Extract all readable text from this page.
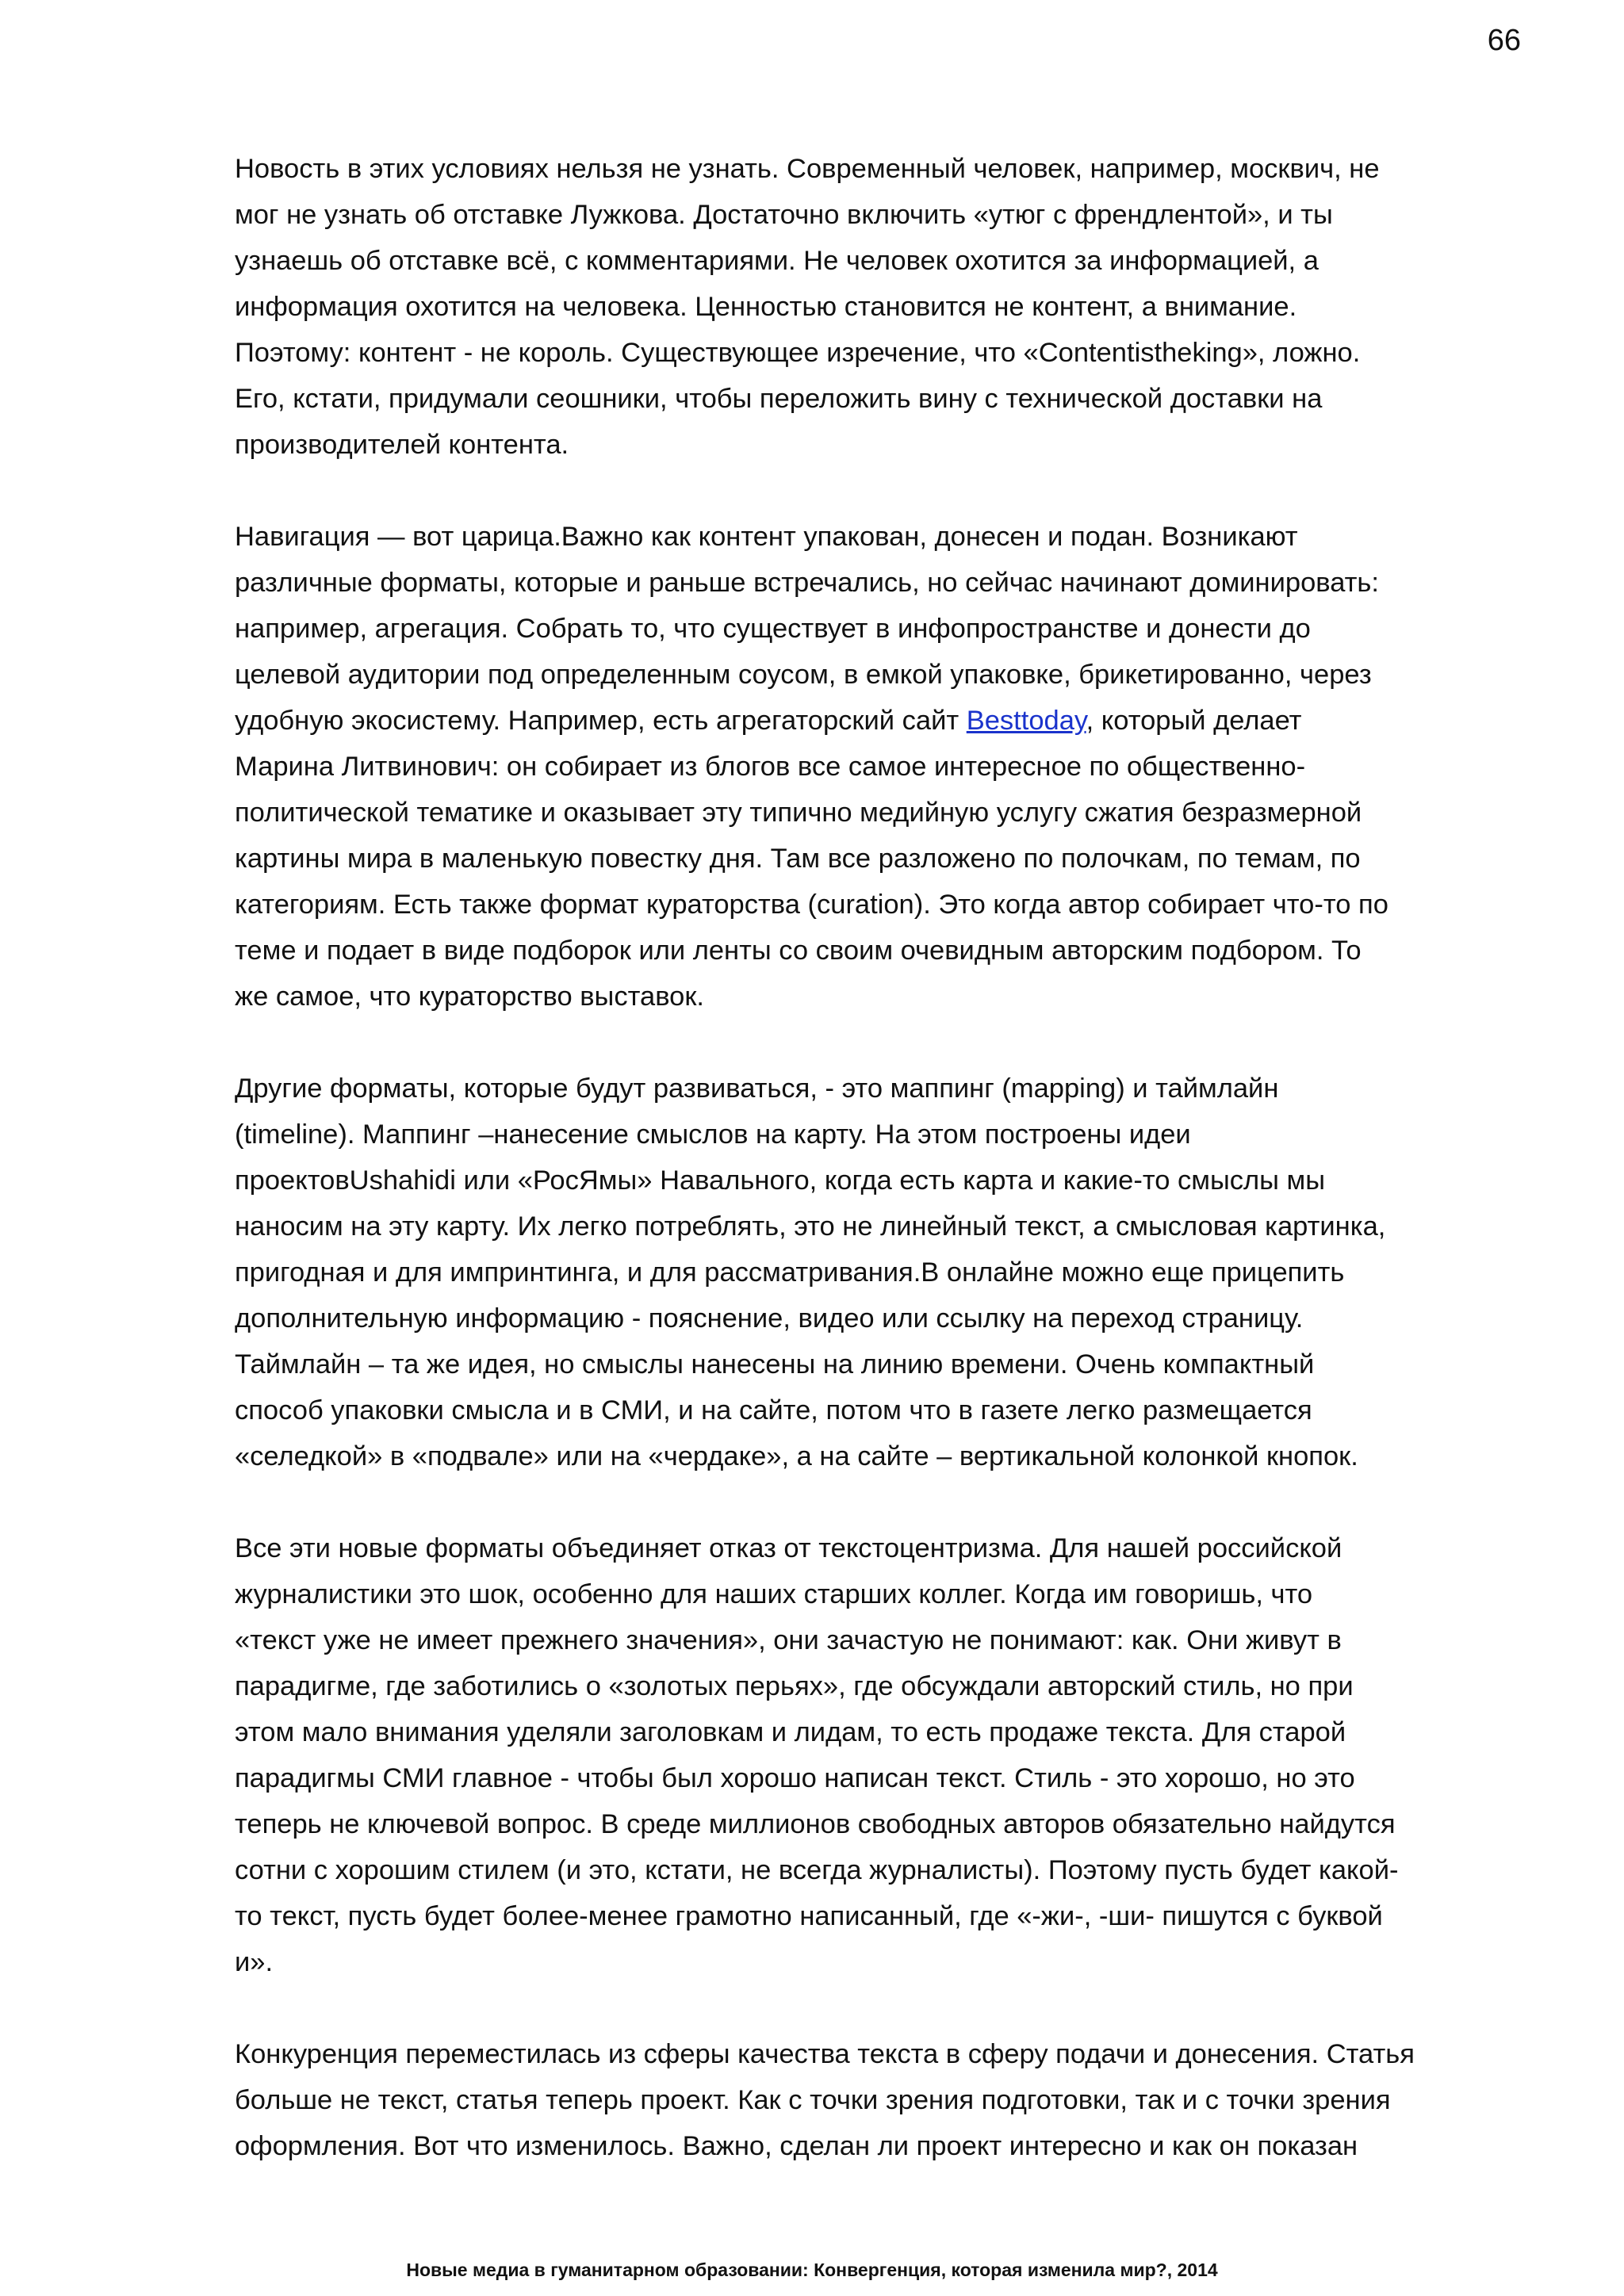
66

Новость в этих условиях нельзя не узнать. Современный человек, например, москвич, не
мог не узнать об отставке Лужкова. Достаточно включить «утюг с френдлентой», и ты
узнаешь об отставке всё, с комментариями. Не человек охотится за информацией, а
информация охотится на человека. Ценностью становится не контент, а внимание.
Поэтому: контент - не король. Существующее изречение, что «Contentistheking», ложно.
Его, кстати, придумали сеошники, чтобы переложить вину с технической доставки на
производителей контента.

Навигация — вот царица.Важно как контент упакован, донесен и подан. Возникают
различные форматы, которые и раньше встречались, но сейчас начинают доминировать:
например, агрегация. Собрать то, что существует в инфопространстве и донести до
целевой аудитории под определенным соусом, в емкой упаковке, брикетированно, через
удобную экосистему. Например, есть агрегаторский сайт Besttoday, который делает
Марина Литвинович: он собирает из блогов все самое интересное по общественно-
политической тематике и оказывает эту типично медийную услугу сжатия безразмерной
картины мира в маленькую повестку дня. Там все разложено по полочкам, по темам, по
категориям. Есть также формат кураторства (curation). Это когда автор собирает что-то по
теме и подает в виде подборок или ленты со своим очевидным авторским подбором. То
же самое, что кураторство выставок.

Другие форматы, которые будут развиваться, - это маппинг (mapping) и таймлайн
(timeline). Маппинг –нанесение смыслов на карту. На этом построены идеи
проектовUshahidi или «РосЯмы» Навального, когда есть карта и какие-то смыслы мы
наносим на эту карту. Их легко потреблять, это не линейный текст, а смысловая картинка,
пригодная и для импринтинга, и для рассматривания.В онлайне можно еще прицепить
дополнительную информацию - пояснение, видео или ссылку на переход страницу.
Таймлайн – та же идея, но смыслы нанесены на линию времени. Очень компактный
способ упаковки смысла и в СМИ, и на сайте, потом что в газете легко размещается
«селедкой» в «подвале» или на «чердаке», а на сайте – вертикальной колонкой кнопок.

Все эти новые форматы объединяет отказ от текстоцентризма. Для нашей российской
журналистики это шок, особенно для наших старших коллег. Когда им говоришь, что
«текст уже не имеет прежнего значения», они зачастую не понимают: как. Они живут в
парадигме, где заботились о «золотых перьях», где обсуждали авторский стиль, но при
этом мало внимания уделяли заголовкам и лидам, то есть продаже текста. Для старой
парадигмы СМИ главное - чтобы был хорошо написан текст. Стиль - это хорошо, но это
теперь не ключевой вопрос. В среде миллионов свободных авторов обязательно найдутся
сотни с хорошим стилем (и это, кстати, не всегда журналисты). Поэтому пусть будет какой-
то текст, пусть будет более-менее грамотно написанный, где «-жи-, -ши- пишутся с буквой
и».

Конкуренция переместилась из сферы качества текста в сферу подачи и донесения. Статья
больше не текст, статья теперь проект. Как с точки зрения подготовки, так и с точки зрения
оформления. Вот что изменилось. Важно, сделан ли проект интересно и как он показан

Новые медиа в гуманитарном образовании: Конвергенция, которая изменила мир?, 2014
